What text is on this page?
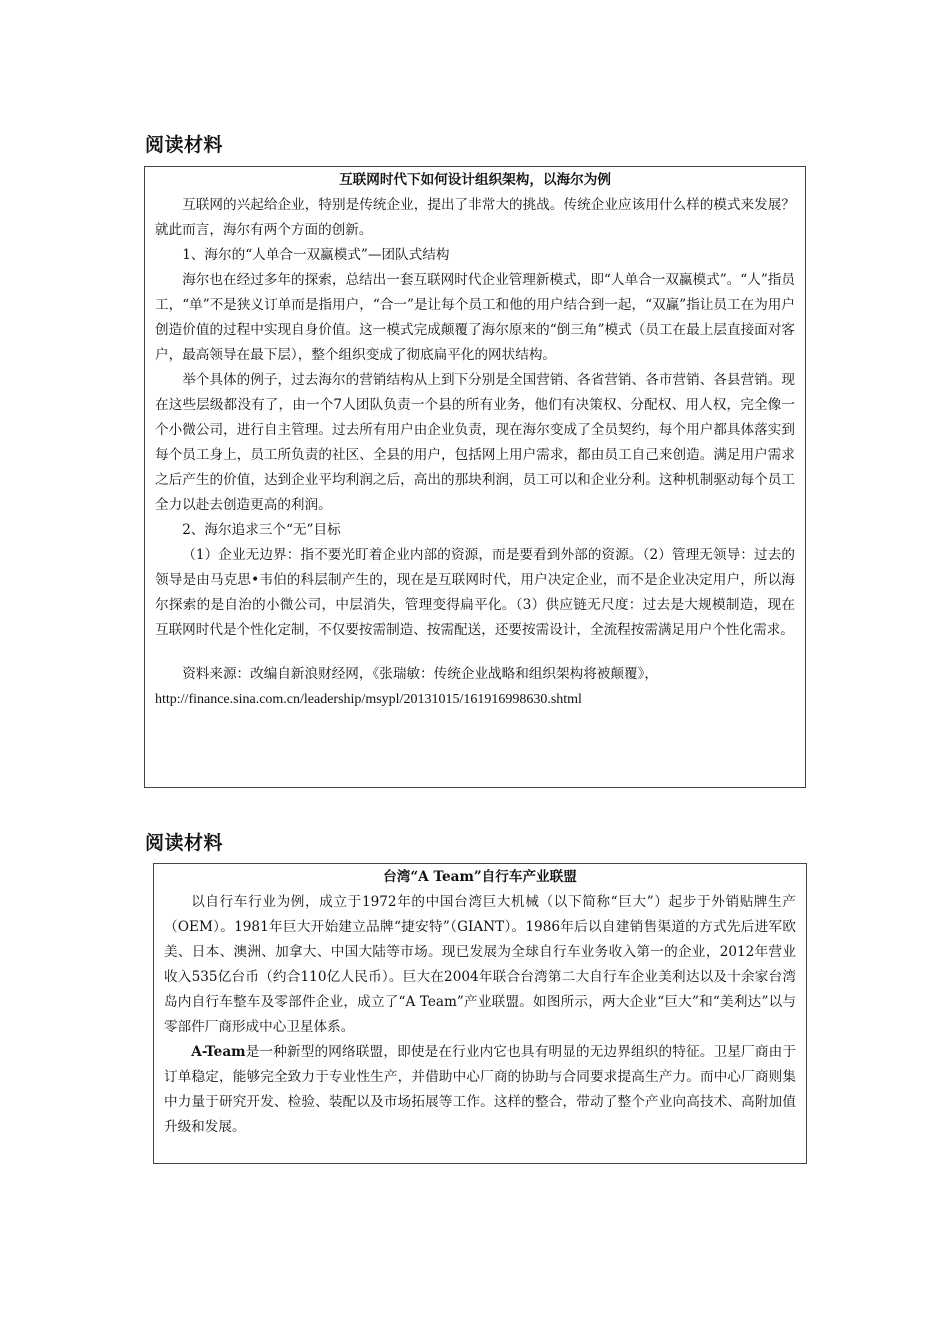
阅读材料

互联网时代下如何设计组织架构，以海尔为例

互联网的兴起给企业，特别是传统企业，提出了非常大的挑战。传统企业应该用什么样的模式来发展？就此而言，海尔有两个方面的创新。

1、海尔的“人单合一双赢模式”—团队式结构

海尔也在经过多年的探索，总结出一套互联网时代企业管理新模式，即“人单合一双赢模式”。“人”指员工，“单”不是狭义订单而是指用户，“合一”是让每个员工和他的用户结合到一起，“双赢”指让员工在为用户创造价值的过程中实现自身价值。这一模式完成颠覆了海尔原来的“倒三角”模式（员工在最上层直接面对客户，最高领导在最下层），整个组织变成了彻底扁平化的网状结构。

举个具体的例子，过去海尔的营销结构从上到下分别是全国营销、各省营销、各市营销、各县营销。现在这些层级都没有了，由一个7人团队负责一个县的所有业务，他们有决策权、分配权、用人权，完全像一个小微公司，进行自主管理。过去所有用户由企业负责，现在海尔变成了全员契约，每个用户都具体落实到每个员工身上，员工所负责的社区、全县的用户，包括网上用户需求，都由员工自己来创造。满足用户需求之后产生的价值，达到企业平均利润之后，高出的那块利润，员工可以和企业分利。这种机制驱动每个员工全力以赴去创造更高的利润。

2、海尔追求三个“无”目标

（1）企业无边界：指不要光盯着企业内部的资源，而是要看到外部的资源。（2）管理无领导：过去的领导是由马克思•韦伯的科层制产生的，现在是互联网时代，用户决定企业，而不是企业决定用户，所以海尔探索的是自治的小微公司，中层消失，管理变得扁平化。（3）供应链无尺度：过去是大规模制造，现在互联网时代是个性化定制，不仅要按需制造、按需配送，还要按需设计，全流程按需满足用户个性化需求。

资料来源：改编自新浪财经网，《张瑞敏：传统企业战略和组织架构将被颠覆》，

http://finance.sina.com.cn/leadership/msypl/20131015/161916998630.shtml

阅读材料

台湾“A Team”自行车产业联盟

以自行车行业为例，成立于1972年的中国台湾巨大机械（以下简称“巨大”）起步于外销贴牌生产（OEM）。1981年巨大开始建立品牌“捷安特”（GIANT）。1986年后以自建销售渠道的方式先后进军欧美、日本、澳洲、加拿大、中国大陆等市场。现已发展为全球自行车业务收入第一的企业，2012年营业收入535亿台币（约合110亿人民币）。巨大在2004年联合台湾第二大自行车企业美利达以及十余家台湾岛内自行车整车及零部件企业，成立了“A Team”产业联盟。如图所示，两大企业“巨大”和“美利达”以与零部件厂商形成中心卫星体系。

A-Team是一种新型的网络联盟，即使是在行业内它也具有明显的无边界组织的特征。卫星厂商由于订单稳定，能够完全致力于专业性生产，并借助中心厂商的协助与合同要求提高生产力。而中心厂商则集中力量于研究开发、检验、装配以及市场拓展等工作。这样的整合，带动了整个产业向高技术、高附加值升级和发展。
